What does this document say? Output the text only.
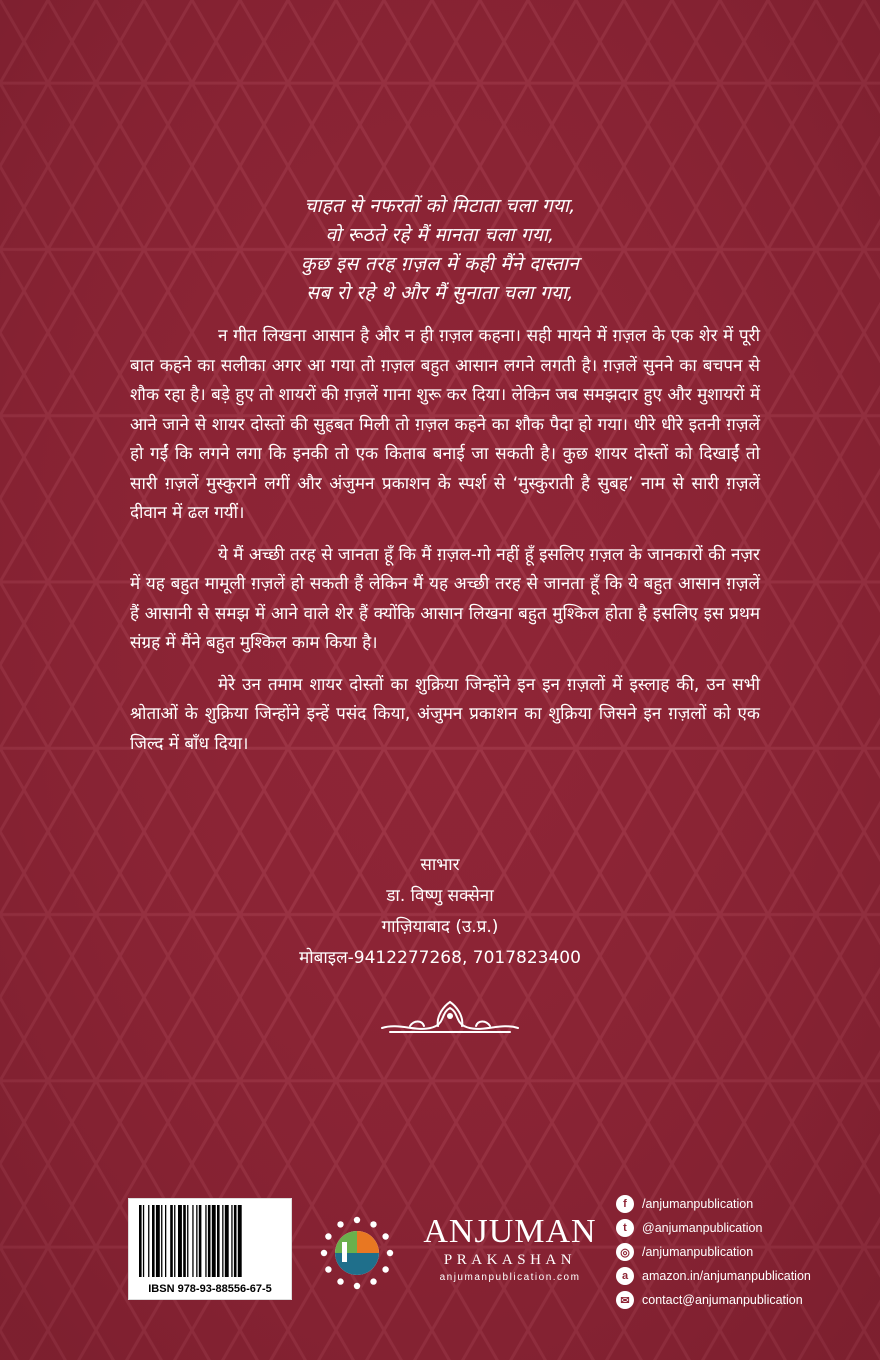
चाहत से नफरतों को मिटाता चला गया,
वो रूठते रहे मैं मानता चला गया,
कुछ इस तरह ग़ज़ल में कही मैंने दास्तान
सब रो रहे थे और मैं सुनाता चला गया,

न गीत लिखना आसान है और न ही ग़ज़ल कहना। सही मायने में ग़ज़ल के एक शेर में पूरी बात कहने का सलीका अगर आ गया तो ग़ज़ल बहुत आसान लगने लगती है। ग़ज़लें सुनने का बचपन से शौक रहा है। बड़े हुए तो शायरों की ग़ज़लें गाना शुरू कर दिया। लेकिन जब समझदार हुए और मुशायरों में आने जाने से शायर दोस्तों की सुहबत मिली तो ग़ज़ल कहने का शौक पैदा हो गया। धीरे धीरे इतनी ग़ज़लें हो गईं कि लगने लगा कि इनकी तो एक किताब बनाई जा सकती है। कुछ शायर दोस्तों को दिखाईं तो सारी ग़ज़लें मुस्कुराने लगीं और अंजुमन प्रकाशन के स्पर्श से ‘मुस्कुराती है सुबह’ नाम से सारी ग़ज़लें दीवान में ढल गयीं।

ये मैं अच्छी तरह से जानता हूँ कि मैं ग़ज़ल-गो नहीं हूँ इसलिए ग़ज़ल के जानकारों की नज़र में यह बहुत मामूली ग़ज़लें हो सकती हैं लेकिन मैं यह अच्छी तरह से जानता हूँ कि ये बहुत आसान ग़ज़लें हैं आसानी से समझ में आने वाले शेर हैं क्योंकि आसान लिखना बहुत मुश्किल होता है इसलिए इस प्रथम संग्रह में मैंने बहुत मुश्किल काम किया है।

मेरे उन तमाम शायर दोस्तों का शुक्रिया जिन्होंने इन इन ग़ज़लों में इस्लाह की, उन सभी श्रोताओं के शुक्रिया जिन्होंने इन्हें पसंद किया, अंजुमन प्रकाशन का शुक्रिया जिसने इन ग़ज़लों को एक जिल्द में बाँध दिया।

साभार
डा. विष्णु सक्सेना
गाज़ियाबाद (उ.प्र.)
मोबाइल-9412277268, 7017823400
IBSN 978-93-88556-67-5
ANJUMAN
PRAKASHAN
anjumanpublication.com
f	/anjumanpublication
t	@anjumanpublication
◎ /anjumanpublication
a	amazon.in/anjumanpublication
✉ contact@anjumanpublication
